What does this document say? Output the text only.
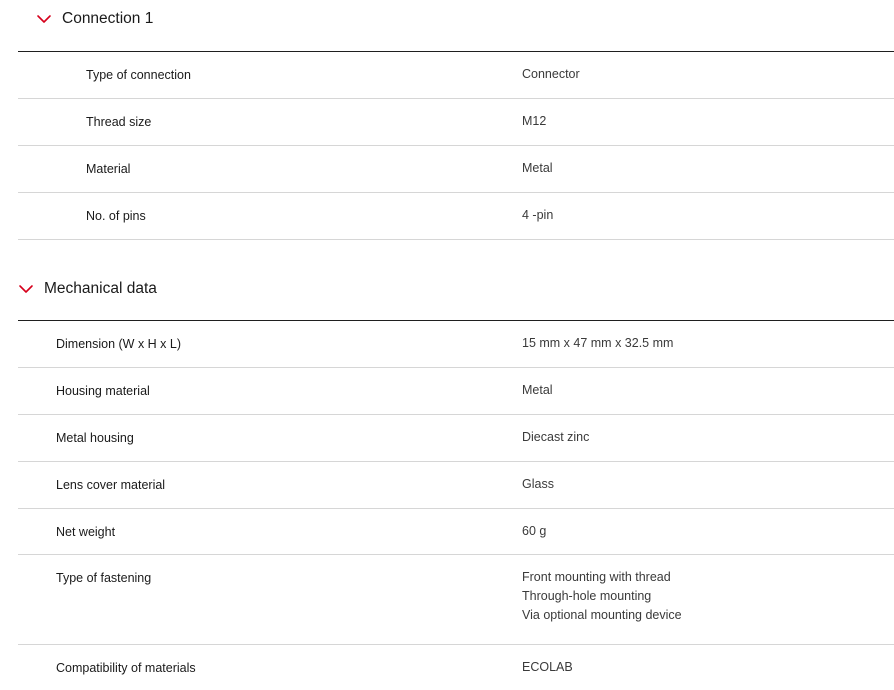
Connection 1
Type of connection	Connector
Thread size	M12
Material	Metal
No. of pins	4 -pin
Mechanical data
Dimension (W x H x L)	15 mm x 47 mm x 32.5 mm
Housing material	Metal
Metal housing	Diecast zinc
Lens cover material	Glass
Net weight	60 g
Type of fastening	Front mounting with thread
Through-hole mounting
Via optional mounting device
Compatibility of materials	ECOLAB
